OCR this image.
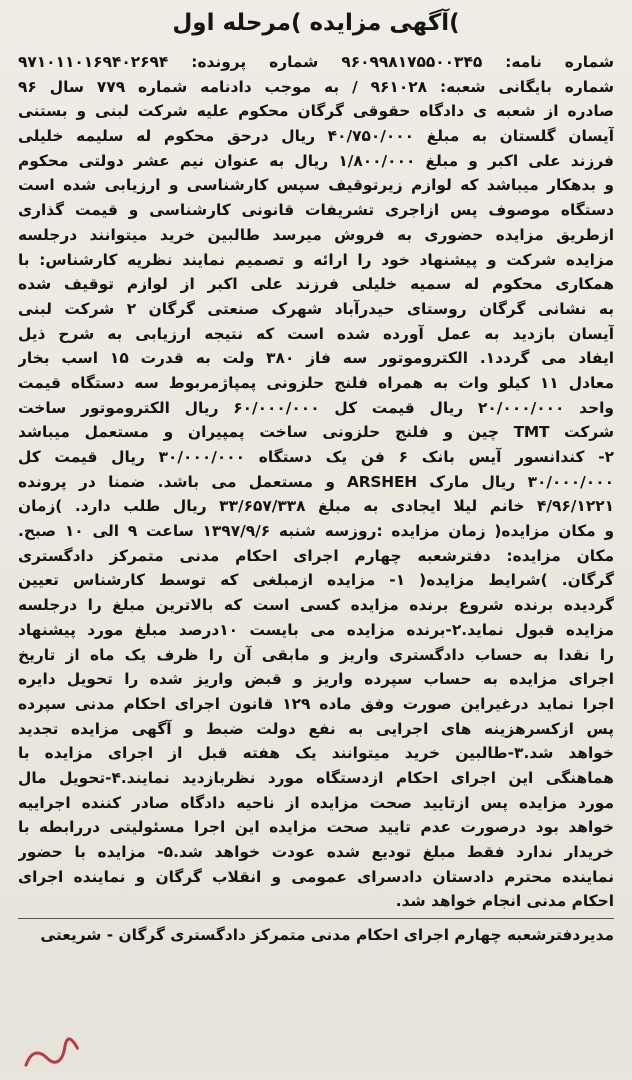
آگهی مزایده )مرحله اول(
شماره نامه: ۹۶۰۹۹۸۱۷۵۵۰۰۳۴۵ شماره پرونده: ۹۷۱۰۱۱۰۱۶۹۴۰۲۶۹۴
شماره بایگانی شعبه: ۹۶۱۰۲۸ / به موجب دادنامه شماره ۷۷۹ سال ۹۶
صادره از شعبه ی دادگاه حقوقی گرگان محکوم علیه شرکت لبنی و بستنی
آیسان گلستان به مبلغ ۴۰/۷۵۰/۰۰۰ ریال درحق محکوم له سلیمه خلیلی
فرزند علی اکبر و مبلغ ۱/۸۰۰/۰۰۰ ریال به عنوان نیم عشر دولتی محکوم
و بدهکار میباشد که لوازم زیرتوقیف سپس کارشناسی و ارزیابی شده است
دستگاه موصوف پس ازاجری تشریفات قانونی کارشناسی و قیمت گذاری
ازطریق مزایده حضوری به فروش میرسد طالبین خرید میتوانند درجلسه
مزایده شرکت و پیشنهاد خود را ارائه و تصمیم نمایند نظریه کارشناس: با
همکاری محکوم له سمیه خلیلی فرزند علی اکبر از لوازم توقیف شده
به نشانی گرگان روستای حیدرآباد شهرک صنعتی گرگان ۲ شرکت لبنی
آیسان بازدید به عمل آورده شده است که نتیجه ارزیابی به شرح ذیل
ایفاد می گردد۱. الکتروموتور سه فاز ۳۸۰ ولت به قدرت ۱۵ اسب بخار
معادل ۱۱ کیلو وات به همراه فلنج حلزونی پمپاژمربوط سه دستگاه قیمت
واحد ۲۰/۰۰۰/۰۰۰ ریال قیمت کل ۶۰/۰۰۰/۰۰۰ ریال الکتروموتور ساخت
شرکت TMT چین و فلنج حلزونی ساخت پمپیران و مستعمل میباشد
۲- کندانسور آیس بانک ۶ فن یک دستگاه ۳۰/۰۰۰/۰۰۰ ریال قیمت کل
۳۰/۰۰۰/۰۰۰ ریال مارک ARSHEH و مستعمل می باشد. ضمنا در پرونده
۴/۹۶/۱۲۲۱ خانم لیلا ایجادی به مبلغ ۳۳/۶۵۷/۳۳۸ ریال طلب دارد. )زمان
و مکان مزایده( زمان مزایده :روزسه شنبه ۱۳۹۷/۹/۶ ساعت ۹ الی ۱۰ صبح.
مکان مزایده: دفترشعبه چهارم اجرای احکام مدنی متمرکز دادگستری
گرگان. )شرایط مزایده( ۱- مزایده ازمبلغی که توسط کارشناس تعیین
گردیده برنده شروع برنده مزایده کسی است که بالاترین مبلغ را درجلسه
مزایده قبول نماید.۲-برنده مزایده می بایست ۱۰درصد مبلغ مورد پیشنهاد
را نقدا به حساب دادگستری واریز و مابقی آن را ظرف یک ماه از تاریخ
اجرای مزایده به حساب سپرده واریز و قبض واریز شده را تحویل دایره
اجرا نماید درغیراین صورت وفق ماده ۱۲۹ قانون اجرای احکام مدنی سپرده
پس ازکسرهزینه های اجرایی به نفع دولت ضبط و آگهی مزایده تجدید
خواهد شد.۳-طالبین خرید میتوانند یک هفته قبل از اجرای مزایده با
هماهنگی این اجرای احکام ازدستگاه مورد نظربازدید نمایند.۴-تحویل مال
مورد مزایده پس ازتایید صحت مزایده از ناحیه دادگاه صادر کننده اجراییه
خواهد بود درصورت عدم تایید صحت مزایده این اجرا مسئولیتی دررابطه با
خریدار ندارد فقط مبلغ تودیع شده عودت خواهد شد.۵- مزایده با حضور
نماینده محترم دادستان دادسرای عمومی و انقلاب گرگان و نماینده اجرای
احکام مدنی انجام خواهد شد.
مدیردفترشعبه چهارم اجرای احکام مدنی متمرکز دادگستری گرگان - شریعتی
